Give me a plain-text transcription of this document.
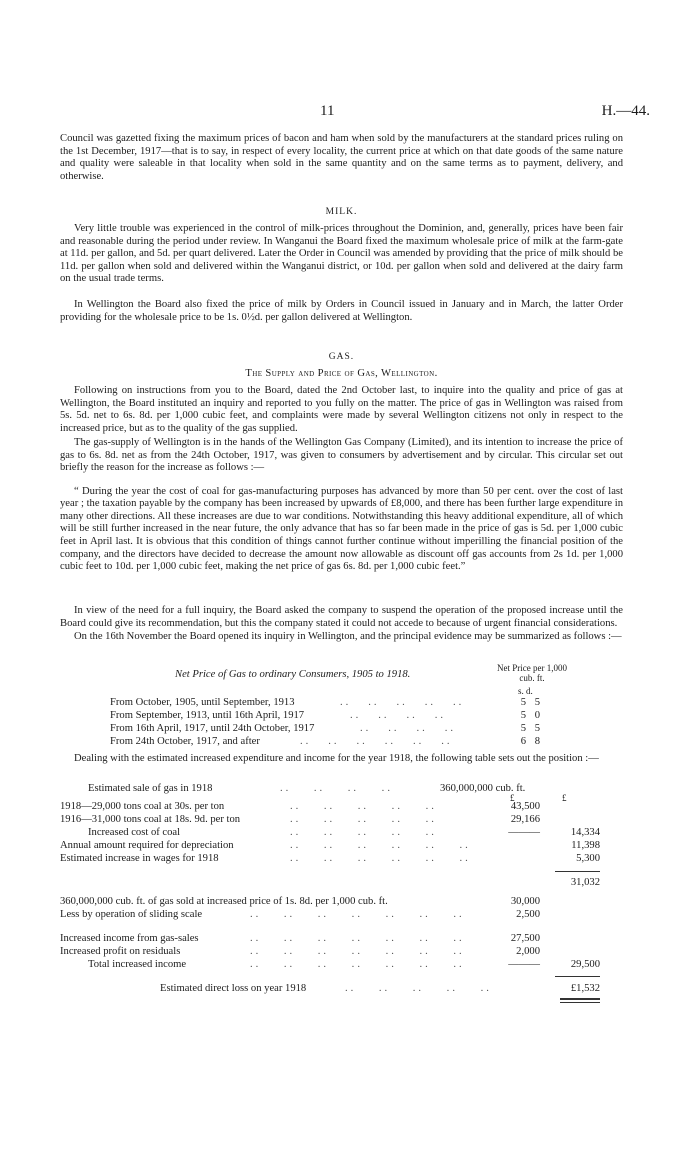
11	H.—44.

Council was gazetted fixing the maximum prices of bacon and ham when sold by the manufacturers at the standard prices ruling on the 1st December, 1917—that is to say, in respect of every locality, the current price at which on that date goods of the same nature and quality were saleable in that locality when sold in the same quantity and on the same terms as to payment, delivery, and otherwise.

MILK.

Very little trouble was experienced in the control of milk-prices throughout the Dominion, and, generally, prices have been fair and reasonable during the period under review. In Wanganui the Board fixed the maximum wholesale price of milk at the farm-gate at 11d. per gallon, and 5d. per quart delivered. Later the Order in Council was amended by providing that the price of milk should be 11d. per gallon when sold and delivered within the Wanganui district, or 10d. per gallon when sold and delivered at the dairy farm on the usual trade terms.

In Wellington the Board also fixed the price of milk by Orders in Council issued in January and in March, the latter Order providing for the wholesale price to be 1s. 0½d. per gallon delivered at Wellington.

GAS.
The Supply and Price of Gas, Wellington.

Following on instructions from you to the Board, dated the 2nd October last, to inquire into the quality and price of gas at Wellington, the Board instituted an inquiry and reported to you fully on the matter. The price of gas in Wellington was raised from 5s. 5d. net to 6s. 8d. per 1,000 cubic feet, and complaints were made by several Wellington citizens not only in respect to the increased price, but as to the quality of the gas supplied.

The gas-supply of Wellington is in the hands of the Wellington Gas Company (Limited), and its intention to increase the price of gas to 6s. 8d. net as from the 24th October, 1917, was given to consumers by advertisement and by circular. This circular set out briefly the reason for the increase as follows :—

“ During the year the cost of coal for gas-manufacturing purposes has advanced by more than 50 per cent. over the cost of last year ; the taxation payable by the company has been increased by upwards of £8,000, and there has been further large expenditure in many other directions. All these increases are due to war conditions. Notwithstanding this heavy additional expenditure, all of which will be still further increased in the near future, the only advance that has so far been made in the price of gas is 5d. per 1,000 cubic feet in April last. It is obvious that this condition of things cannot further continue without imperilling the financial position of the company, and the directors have decided to decrease the amount now allowable as discount off gas accounts from 2s 1d. per 1,000 cubic feet to 10d. per 1,000 cubic feet, making the net price of gas 6s. 8d. per 1,000 cubic feet.”

In view of the need for a full inquiry, the Board asked the company to suspend the operation of the proposed increase until the Board could give its recommendation, but this the company stated it could not accede to because of urgent financial considerations.

On the 16th November the Board opened its inquiry in Wellington, and the principal evidence may be summarized as follows :—

Net Price of Gas to ordinary Consumers, 1905 to 1918.
Net Price per 1,000 cub. ft.
s. d.
From October, 1905, until September, 1913	..   ..   ..   ..   ..	5 5
From September, 1913, until 16th April, 1917	..   ..   ..   ..	5 0
From 16th April, 1917, until 24th October, 1917	..   ..   ..   ..	5 5
From 24th October, 1917, and after	..   ..   ..   ..   ..   ..	6 8

Dealing with the estimated increased expenditure and income for the year 1918, the following table sets out the position :—

Estimated sale of gas in 1918	..    ..    ..    ..	360,000,000 cub. ft.
£
£
1918—29,000 tons coal at 30s. per ton	..    ..    ..    ..    ..	43,500
1916—31,000 tons coal at 18s. 9d. per ton	..    ..    ..    ..    ..	29,166
Increased cost of coal	..    ..    ..    ..    ..	———	14,334
Annual amount required for depreciation	..    ..    ..    ..    ..    ..	11,398
Estimated increase in wages for 1918	..    ..    ..    ..    ..    ..	5,300
31,032
360,000,000 cub. ft. of gas sold at increased price of 1s. 8d. per 1,000 cub. ft.	30,000
Less by operation of sliding scale	..    ..    ..    ..    ..    ..    ..	2,500
Increased income from gas-sales	..    ..    ..    ..    ..    ..    ..	27,500
Increased profit on residuals	..    ..    ..    ..    ..    ..    ..	2,000
Total increased income	..    ..    ..    ..    ..    ..    ..	———	29,500
Estimated direct loss on year 1918	..    ..    ..    ..    ..	£1,532
